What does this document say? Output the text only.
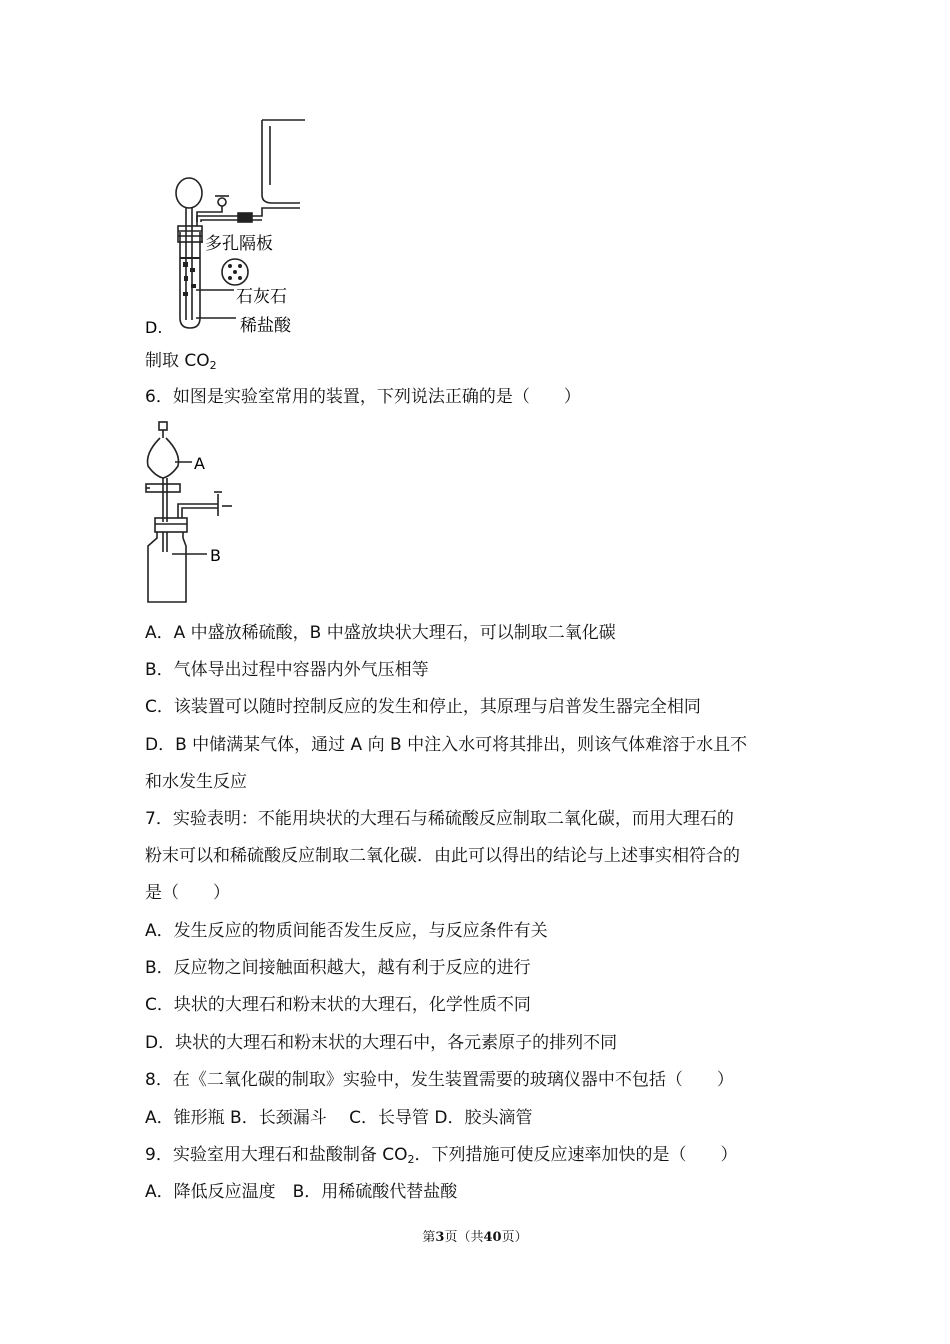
多孔隔板
石灰石
稀盐酸
D.
制取 $CO_2$
6．如图是实验室常用的装置，下列说法正确的是（　　）
A
B
A．A 中盛放稀硫酸，B 中盛放块状大理石，可以制取二氧化碳
B．气体导出过程中容器内外气压相等
C．该装置可以随时控制反应的发生和停止，其原理与启普发生器完全相同
D．B 中储满某气体，通过 A 向 B 中注入水可将其排出，则该气体难溶于水且不
和水发生反应
7．实验表明：不能用块状的大理石与稀硫酸反应制取二氧化碳，而用大理石的
粉末可以和稀硫酸反应制取二氧化碳．由此可以得出的结论与上述事实相符合的
是（　　）
A．发生反应的物质间能否发生反应，与反应条件有关
B．反应物之间接触面积越大，越有利于反应的进行
C．块状的大理石和粉末状的大理石，化学性质不同
D．块状的大理石和粉末状的大理石中，各元素原子的排列不同
8．在《二氧化碳的制取》实验中，发生装置需要的玻璃仪器中不包括（　　）
A．锥形瓶 B．长颈漏斗　 C．长导管 D．胶头滴管
9．实验室用大理石和盐酸制备 $CO_2$．下列措施可使反应速率加快的是（　　）
A．降低反应温度　B．用稀硫酸代替盐酸
第3页（共40页）
